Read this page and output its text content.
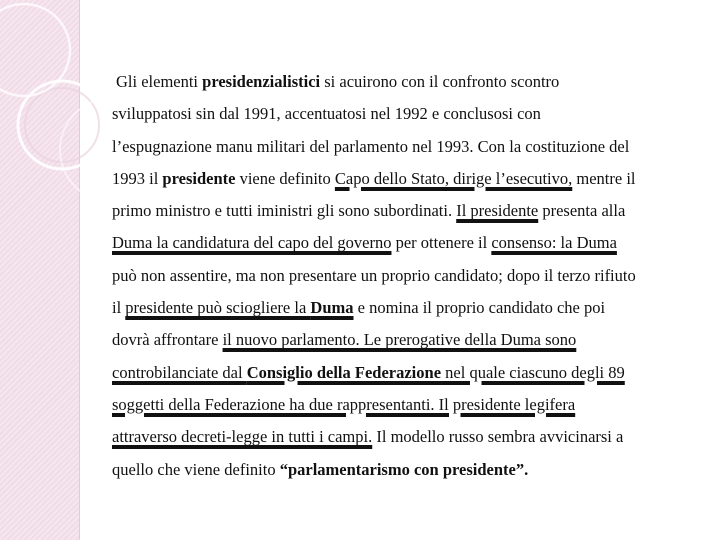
Gli elementi presidenzialistici si acuirono con il confronto scontro
sviluppatosi sin dal 1991, accentuatosi nel 1992 e conclusosi con
l’espugnazione manu militari del parlamento nel 1993. Con la costituzione del
1993 il presidente viene definito Capo dello Stato, dirige l’esecutivo, mentre il
primo ministro e tutti iministri gli sono subordinati. Il presidente presenta alla
Duma la candidatura del capo del governo per ottenere il consenso: la Duma
può non assentire, ma non presentare un proprio candidato; dopo il terzo rifiuto
il presidente può sciogliere la Duma e nomina il proprio candidato che poi
dovrà affrontare il nuovo parlamento. Le prerogative della Duma sono
controbilanciate dal Consiglio della Federazione nel quale ciascuno degli 89
soggetti della Federazione ha due rappresentanti. Il presidente legifera
attraverso decreti-legge in tutti i campi. Il modello russo sembra avvicinarsi a
quello che viene definito “parlamentarismo con presidente”.
